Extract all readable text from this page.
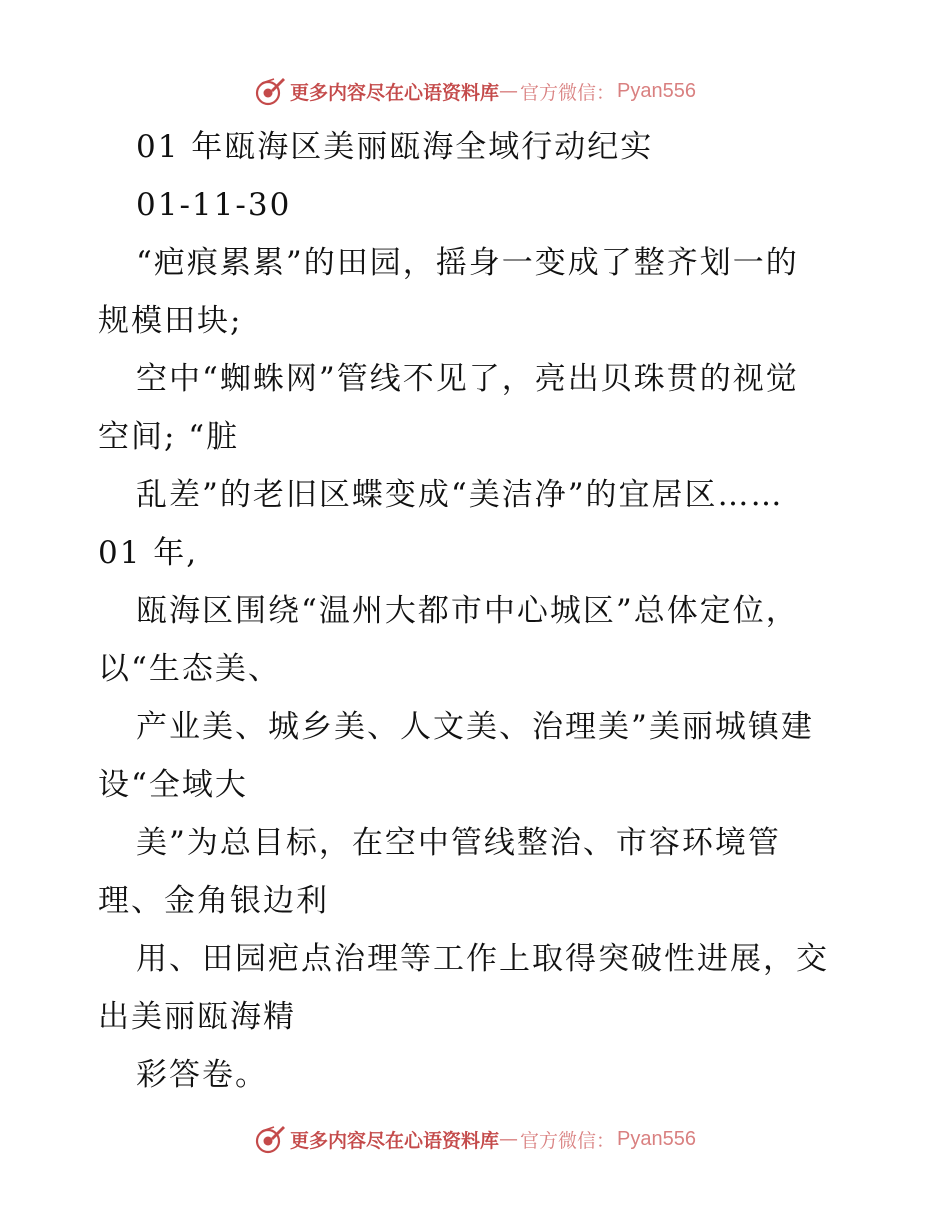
更多内容尽在心语资料库 — 官方微信： Pyan556

01 年瓯海区美丽瓯海全域行动纪实

01-11-30

“疤痕累累”的田园，摇身一变成了整齐划一的

规模田块;

空中“蜘蛛网”管线不见了，亮出贝珠贯的视觉

空间; “脏

乱差”的老旧区蝶变成“美洁净”的宜居区……

01 年,

瓯海区围绕“温州大都市中心城区”总体定位，

以“生态美、

产业美、城乡美、人文美、治理美”美丽城镇建

设“全域大

美”为总目标，在空中管线整治、市容环境管

理、金角银边利

用、田园疤点治理等工作上取得突破性进展，交

出美丽瓯海精

彩答卷。

更多内容尽在心语资料库 — 官方微信： Pyan556
